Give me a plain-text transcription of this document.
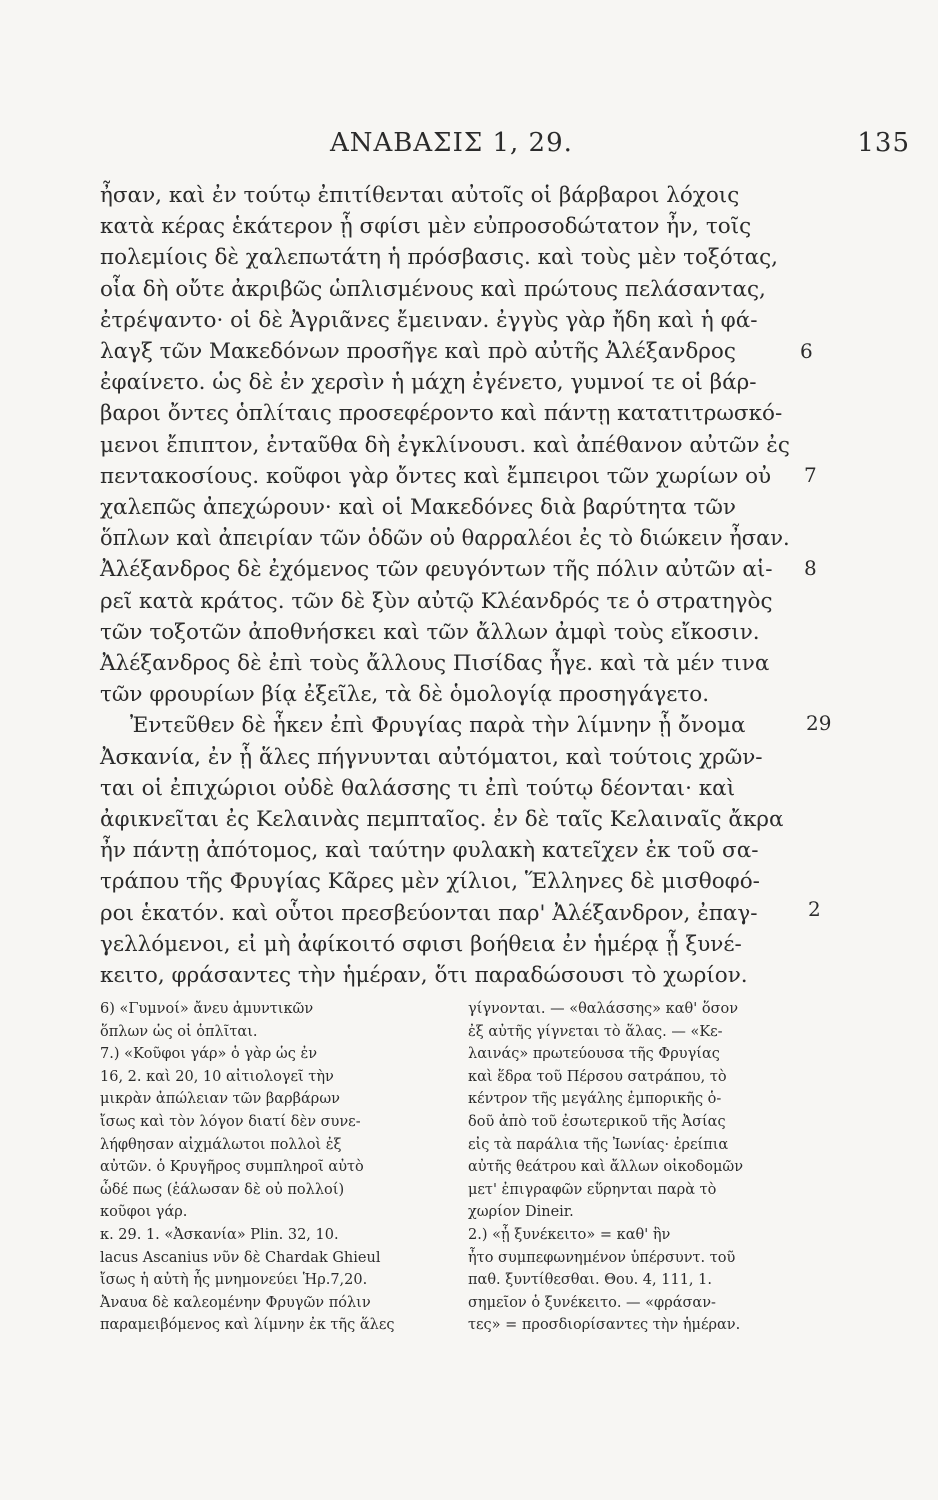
ΑΝΑΒΑΣΙΣ 1, 29.	135
ἦσαν, καὶ ἐν τούτῳ ἐπιτίθενται αὐτοῖς οἱ βάρβαροι λόχοις
κατὰ κέρας ἑκάτερον ᾗ σφίσι μὲν εὐπροσοδώτατον ἦν, τοῖς
πολεμίοις δὲ χαλεπωτάτη ἡ πρόσβασις. καὶ τοὺς μὲν τοξότας,
οἷα δὴ οὔτε ἀκριβῶς ὡπλισμένους καὶ πρώτους πελάσαντας,
ἐτρέψαντο· οἱ δὲ Ἀγριᾶνες ἔμειναν. ἐγγὺς γὰρ ἤδη καὶ ἡ φά-
λαγξ τῶν Μακεδόνων προσῆγε καὶ πρὸ αὐτῆς Ἀλέξανδρος
ἐφαίνετο. ὡς δὲ ἐν χερσὶν ἡ μάχη ἐγένετο, γυμνοί τε οἱ βάρ-
βαροι ὄντες ὁπλίταις προσεφέροντο καὶ πάντῃ κατατιτρωσκό-
μενοι ἔπιπτον, ἐνταῦθα δὴ ἐγκλίνουσι. καὶ ἀπέθανον αὐτῶν ἐς
πεντακοσίους. κοῦφοι γὰρ ὄντες καὶ ἔμπειροι τῶν χωρίων οὐ
χαλεπῶς ἀπεχώρουν· καὶ οἱ Μακεδόνες διὰ βαρύτητα τῶν
ὅπλων καὶ ἀπειρίαν τῶν ὁδῶν οὐ θαρραλέοι ἐς τὸ διώκειν ἦσαν.
Ἀλέξανδρος δὲ ἐχόμενος τῶν φευγόντων τῆς πόλιν αὐτῶν αἱ-
ρεῖ κατὰ κράτος. τῶν δὲ ξὺν αὐτῷ Κλέανδρός τε ὁ στρατηγὸς
τῶν τοξοτῶν ἀποθνήσκει καὶ τῶν ἄλλων ἀμφὶ τοὺς εἴκοσιν.
Ἀλέξανδρος δὲ ἐπὶ τοὺς ἄλλους Πισίδας ἦγε. καὶ τὰ μέν τινα
τῶν φρουρίων βίᾳ ἐξεῖλε, τὰ δὲ ὁμολογίᾳ προσηγάγετο.
Ἐντεῦθεν δὲ ἧκεν ἐπὶ Φρυγίας παρὰ τὴν λίμνην ᾗ ὄνομα
Ἀσκανία, ἐν ᾗ ἅλες πήγνυνται αὐτόματοι, καὶ τούτοις χρῶν-
ται οἱ ἐπιχώριοι οὐδὲ θαλάσσης τι ἐπὶ τούτῳ δέονται· καὶ
ἀφικνεῖται ἐς Κελαινὰς πεμπταῖος. ἐν δὲ ταῖς Κελαιναῖς ἄκρα
ἦν πάντῃ ἀπότομος, καὶ ταύτην φυλακὴ κατεῖχεν ἐκ τοῦ σα-
τράπου τῆς Φρυγίας Κᾶρες μὲν χίλιοι, Ἕλληνες δὲ μισθοφό-
ροι ἑκατόν. καὶ οὗτοι πρεσβεύονται παρ' Ἀλέξανδρον, ἐπαγ-
γελλόμενοι, εἰ μὴ ἀφίκοιτό σφισι βοήθεια ἐν ἡμέρᾳ ᾗ ξυνέ-
κειτο, φράσαντες τὴν ἡμέραν, ὅτι παραδώσουσι τὸ χωρίον.
6
7
8
29
2
6) «Γυμνοί» ἄνευ ἀμυντικῶν
ὅπλων ὡς οἱ ὁπλῖται.
7.) «Κοῦφοι γάρ» ὁ γὰρ ὡς ἐν
16, 2. καὶ 20, 10 αἰτιολογεῖ τὴν
μικρὰν ἀπώλειαν τῶν βαρβάρων
ἴσως καὶ τὸν λόγον διατί δὲν συνε-
λήφθησαν αἰχμάλωτοι πολλοὶ ἐξ
αὐτῶν. ὁ Κρυγῆρος συμπληροῖ αὐτὸ
ὧδέ πως (ἑάλωσαν δὲ οὐ πολλοί)
κοῦφοι γάρ.
κ. 29. 1. «Ἀσκανία» Plin. 32, 10.
lacus Ascanius νῦν δὲ Chardak Ghieul
ἴσως ἡ αὐτὴ ἧς μνημονεύει Ἡρ.7,20.
Ἀναυα δὲ καλεομένην Φρυγῶν πόλιν
παραμειβόμενος καὶ λίμνην ἐκ τῆς ἅλες
γίγνονται. — «θαλάσσης» καθ' ὅσον
ἐξ αὐτῆς γίγνεται τὸ ἅλας. — «Κε-
λαινάς» πρωτεύουσα τῆς Φρυγίας
καὶ ἕδρα τοῦ Πέρσου σατράπου, τὸ
κέντρον τῆς μεγάλης ἐμπορικῆς ὁ-
δοῦ ἀπὸ τοῦ ἐσωτερικοῦ τῆς Ἀσίας
εἰς τὰ παράλια τῆς Ἰωνίας· ἐρείπια
αὐτῆς θεάτρου καὶ ἄλλων οἰκοδομῶν
μετ' ἐπιγραφῶν εὕρηνται παρὰ τὸ
χωρίον Dineir.
2.) «ᾗ ξυνέκειτο» = καθ' ἣν
ἦτο συμπεφωνημένον ὑπέρσυντ. τοῦ
παθ. ξυντίθεσθαι. Θου. 4, 111, 1.
σημεῖον ὁ ξυνέκειτο. — «φράσαν-
τες» = προσδιορίσαντες τὴν ἡμέραν.
